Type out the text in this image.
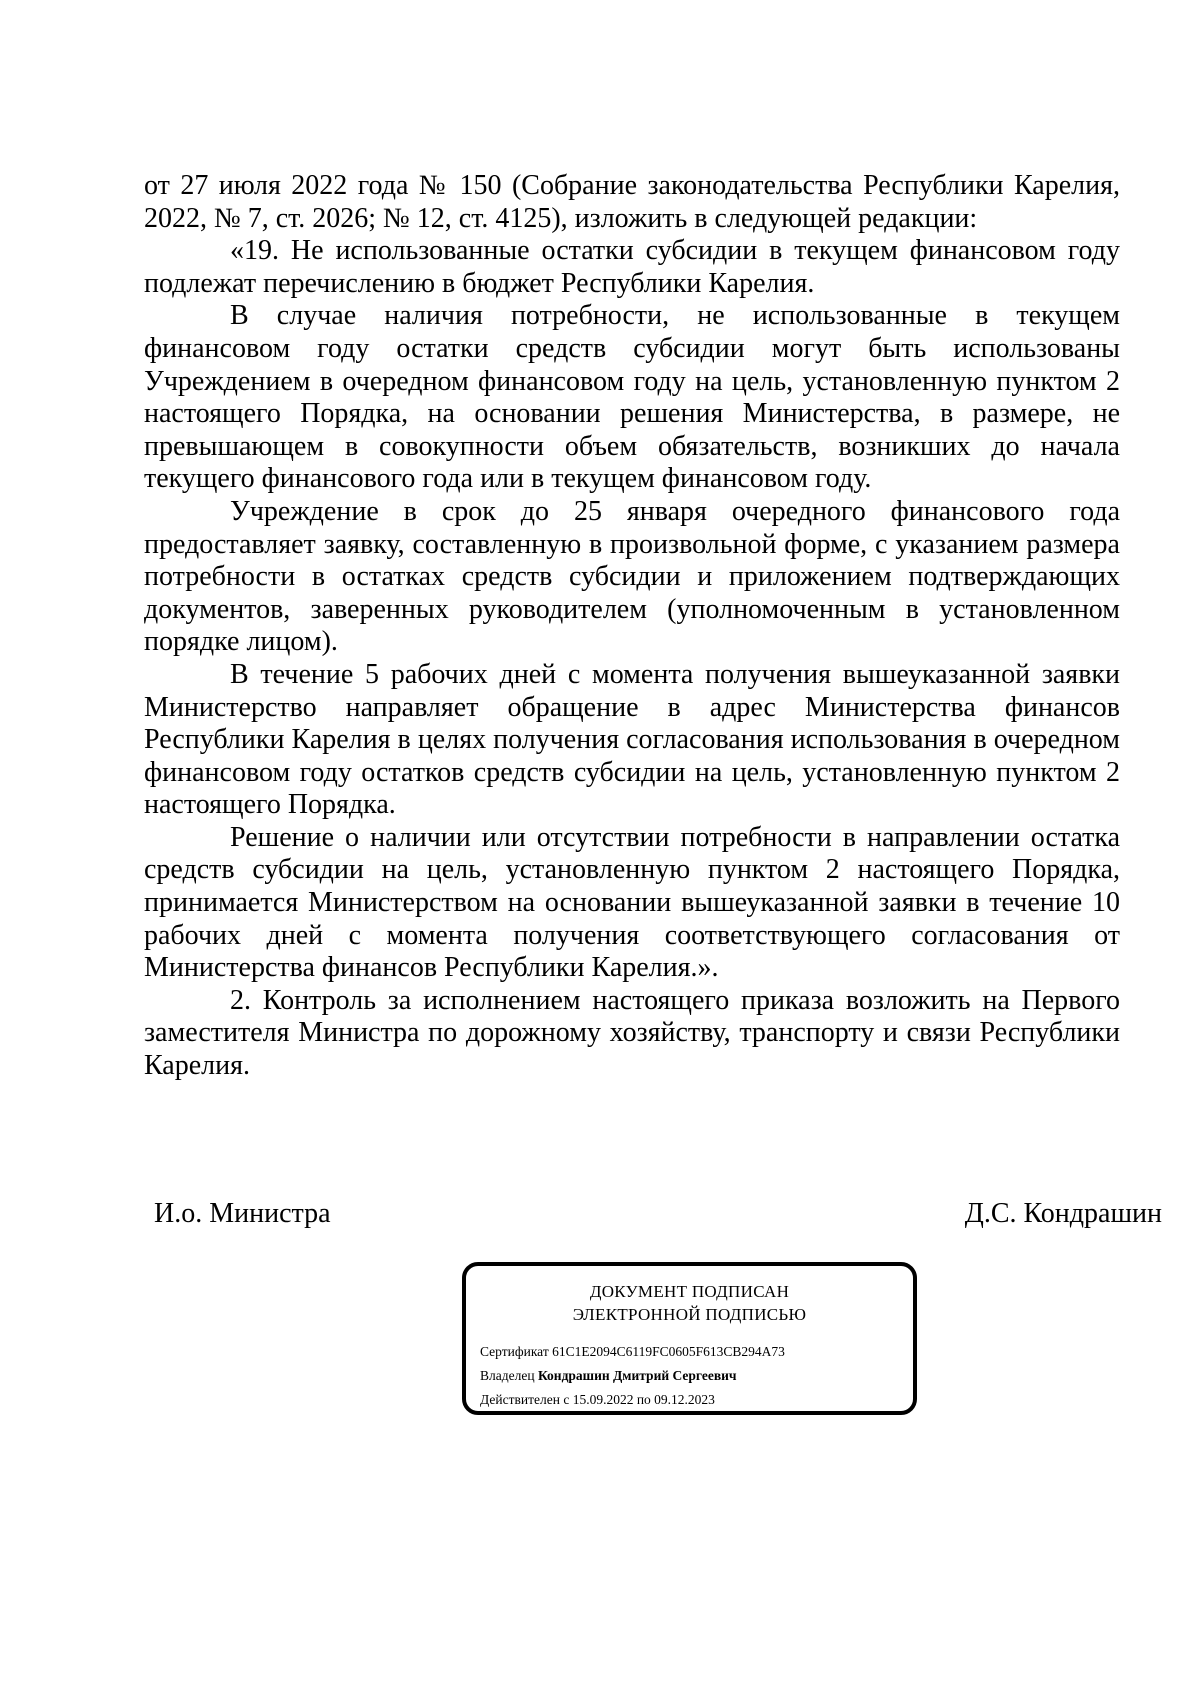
от 27 июля 2022 года № 150 (Собрание законодательства Республики Карелия, 2022, № 7, ст. 2026; № 12, ст. 4125), изложить в следующей редакции:

«19. Не использованные остатки субсидии в текущем финансовом году подлежат перечислению в бюджет Республики Карелия.

В случае наличия потребности, не использованные в текущем финансовом году остатки средств субсидии могут быть использованы Учреждением в очередном финансовом году на цель, установленную пунктом 2 настоящего Порядка, на основании решения Министерства, в размере, не превышающем в совокупности объем обязательств, возникших до начала текущего финансового года или в текущем финансовом году.

Учреждение в срок до 25 января очередного финансового года предоставляет заявку, составленную в произвольной форме, с указанием размера потребности в остатках средств субсидии и приложением подтверждающих документов, заверенных руководителем (уполномоченным в установленном порядке лицом).

В течение 5 рабочих дней с момента получения вышеуказанной заявки Министерство направляет обращение в адрес Министерства финансов Республики Карелия в целях получения согласования использования в очередном финансовом году остатков средств субсидии на цель, установленную пунктом 2 настоящего Порядка.

Решение о наличии или отсутствии потребности в направлении остатка средств субсидии на цель, установленную пунктом 2 настоящего Порядка, принимается Министерством на основании вышеуказанной заявки в течение 10 рабочих дней с момента получения соответствующего согласования от Министерства финансов Республики Карелия.».

2. Контроль за исполнением настоящего приказа возложить на Первого заместителя Министра по дорожному хозяйству, транспорту и связи Республики Карелия.

И.о. Министра	Д.С. Кондрашин
ДОКУМЕНТ ПОДПИСАН
ЭЛЕКТРОННОЙ ПОДПИСЬЮ
Сертификат 61C1E2094C6119FC0605F613CB294A73
Владелец Кондрашин Дмитрий Сергеевич
Действителен с 15.09.2022 по 09.12.2023
